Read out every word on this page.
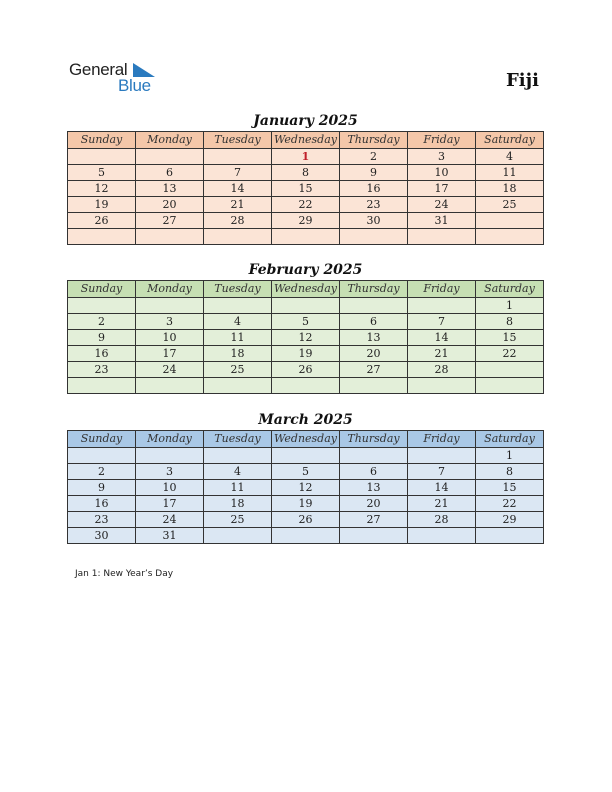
General
Blue	Fiji
January 2025
Sunday	Monday	Tuesday	Wednesday	Thursday	Friday	Saturday
			1	2	3	4
5	6	7	8	9	10	11
12	13	14	15	16	17	18
19	20	21	22	23	24	25
26	27	28	29	30	31	

February 2025
Sunday	Monday	Tuesday	Wednesday	Thursday	Friday	Saturday
						1
2	3	4	5	6	7	8
9	10	11	12	13	14	15
16	17	18	19	20	21	22
23	24	25	26	27	28	

March 2025
Sunday	Monday	Tuesday	Wednesday	Thursday	Friday	Saturday
						1
2	3	4	5	6	7	8
9	10	11	12	13	14	15
16	17	18	19	20	21	22
23	24	25	26	27	28	29
30	31					
Jan 1: New Year’s Day
